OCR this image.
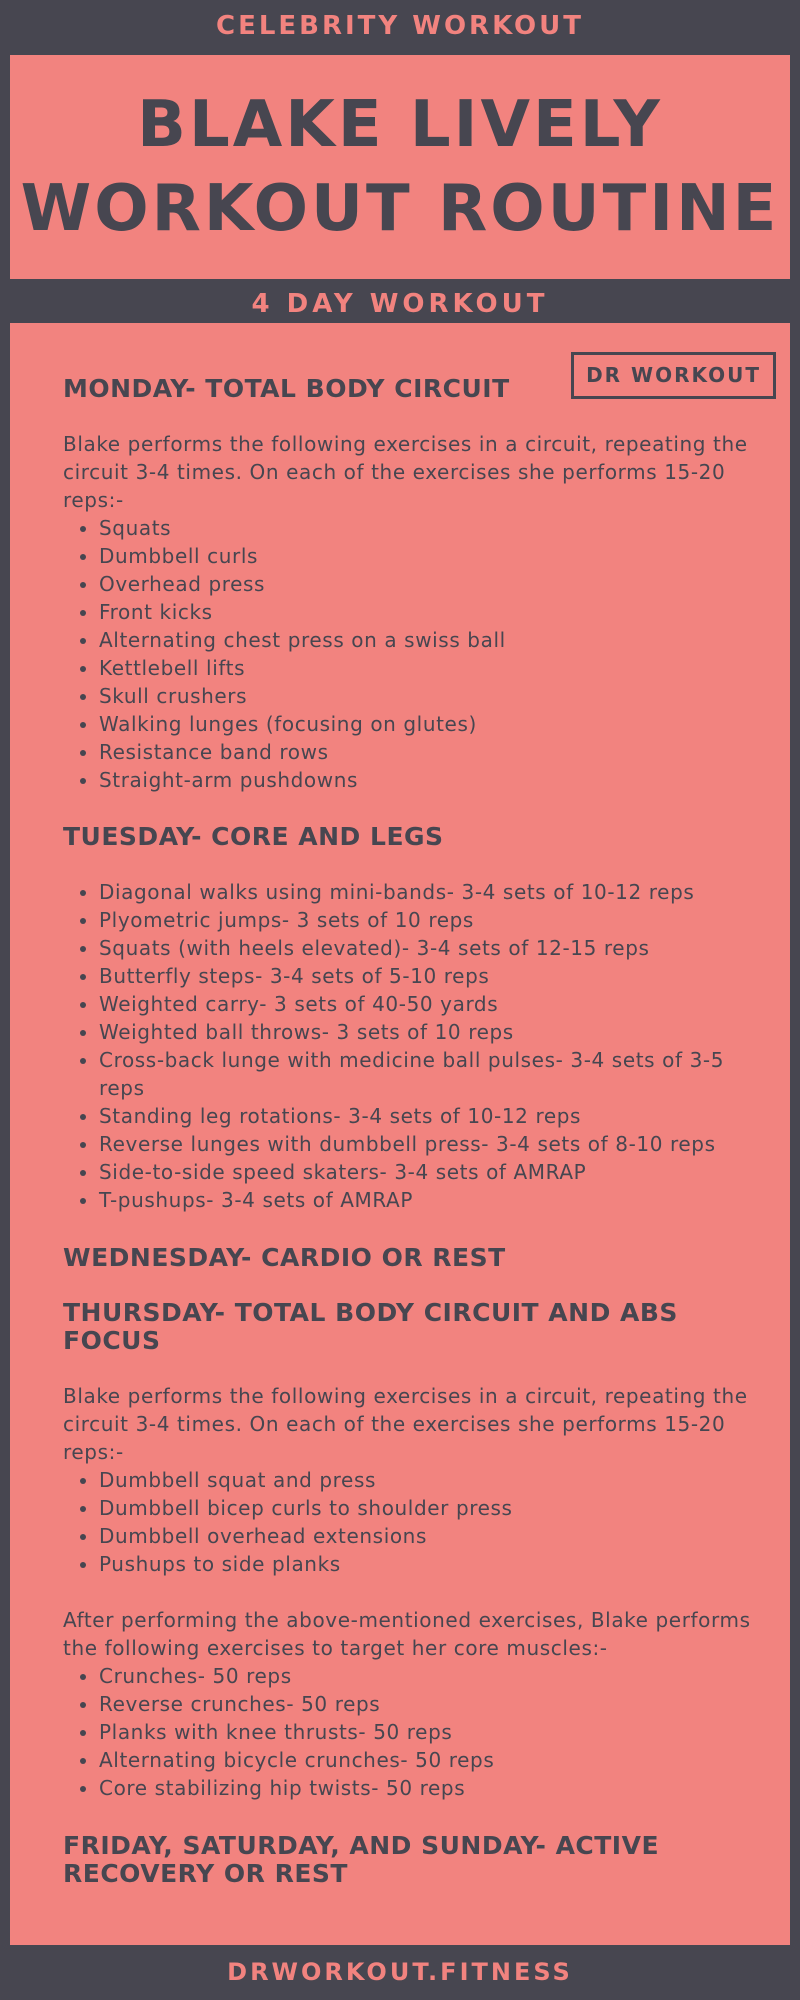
CELEBRITY WORKOUT
BLAKE LIVELY
WORKOUT ROUTINE
4 DAY WORKOUT
DR WORKOUT
MONDAY- TOTAL BODY CIRCUIT

Blake performs the following exercises in a circuit, repeating the circuit 3-4 times. On each of the exercises she performs 15-20 reps:-

• Squats
• Dumbbell curls
• Overhead press
• Front kicks
• Alternating chest press on a swiss ball
• Kettlebell lifts
• Skull crushers
• Walking lunges (focusing on glutes)
• Resistance band rows
• Straight-arm pushdowns
TUESDAY- CORE AND LEGS
• Diagonal walks using mini-bands- 3-4 sets of 10-12 reps
• Plyometric jumps- 3 sets of 10 reps
• Squats (with heels elevated)- 3-4 sets of 12-15 reps
• Butterfly steps- 3-4 sets of 5-10 reps
• Weighted carry- 3 sets of 40-50 yards
• Weighted ball throws- 3 sets of 10 reps
• Cross-back lunge with medicine ball pulses- 3-4 sets of 3-5 reps
• Standing leg rotations- 3-4 sets of 10-12 reps
• Reverse lunges with dumbbell press- 3-4 sets of 8-10 reps
• Side-to-side speed skaters- 3-4 sets of AMRAP
• T-pushups- 3-4 sets of AMRAP
WEDNESDAY- CARDIO OR REST
THURSDAY- TOTAL BODY CIRCUIT AND ABS FOCUS

Blake performs the following exercises in a circuit, repeating the circuit 3-4 times. On each of the exercises she performs 15-20 reps:-

• Dumbbell squat and press
• Dumbbell bicep curls to shoulder press
• Dumbbell overhead extensions
• Pushups to side planks

After performing the above-mentioned exercises, Blake performs the following exercises to target her core muscles:-

• Crunches- 50 reps
• Reverse crunches- 50 reps
• Planks with knee thrusts- 50 reps
• Alternating bicycle crunches- 50 reps
• Core stabilizing hip twists- 50 reps
FRIDAY, SATURDAY, AND SUNDAY- ACTIVE RECOVERY OR REST
DRWORKOUT.FITNESS
